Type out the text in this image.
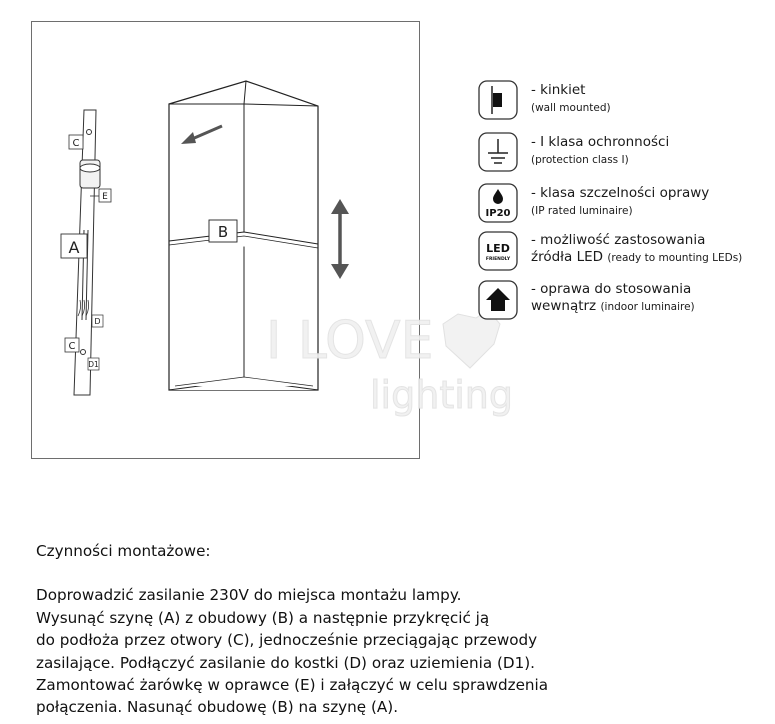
C
E
A
D
C
D1
B
I LOVE
lighting
- kinkiet
(wall mounted)
- I klasa ochronności
(protection class I)
IP20
- klasa szczelności oprawy
(IP rated luminaire)
LED
FRIENDLY
- możliwość zastosowania
źródła LED (ready to mounting LEDs)
- oprawa do stosowania
wewnątrz (indoor luminaire)
Czynności montażowe:
Doprowadzić zasilanie 230V do miejsca montażu lampy.
Wysunąć szynę (A) z obudowy (B) a następnie przykręcić ją
do podłoża przez otwory (C), jednocześnie przeciągając przewody
zasilające. Podłączyć zasilanie do kostki (D) oraz uziemienia (D1).
Zamontować żarówkę w oprawce (E) i załączyć w celu sprawdzenia
połączenia. Nasunąć obudowę (B) na szynę (A).
